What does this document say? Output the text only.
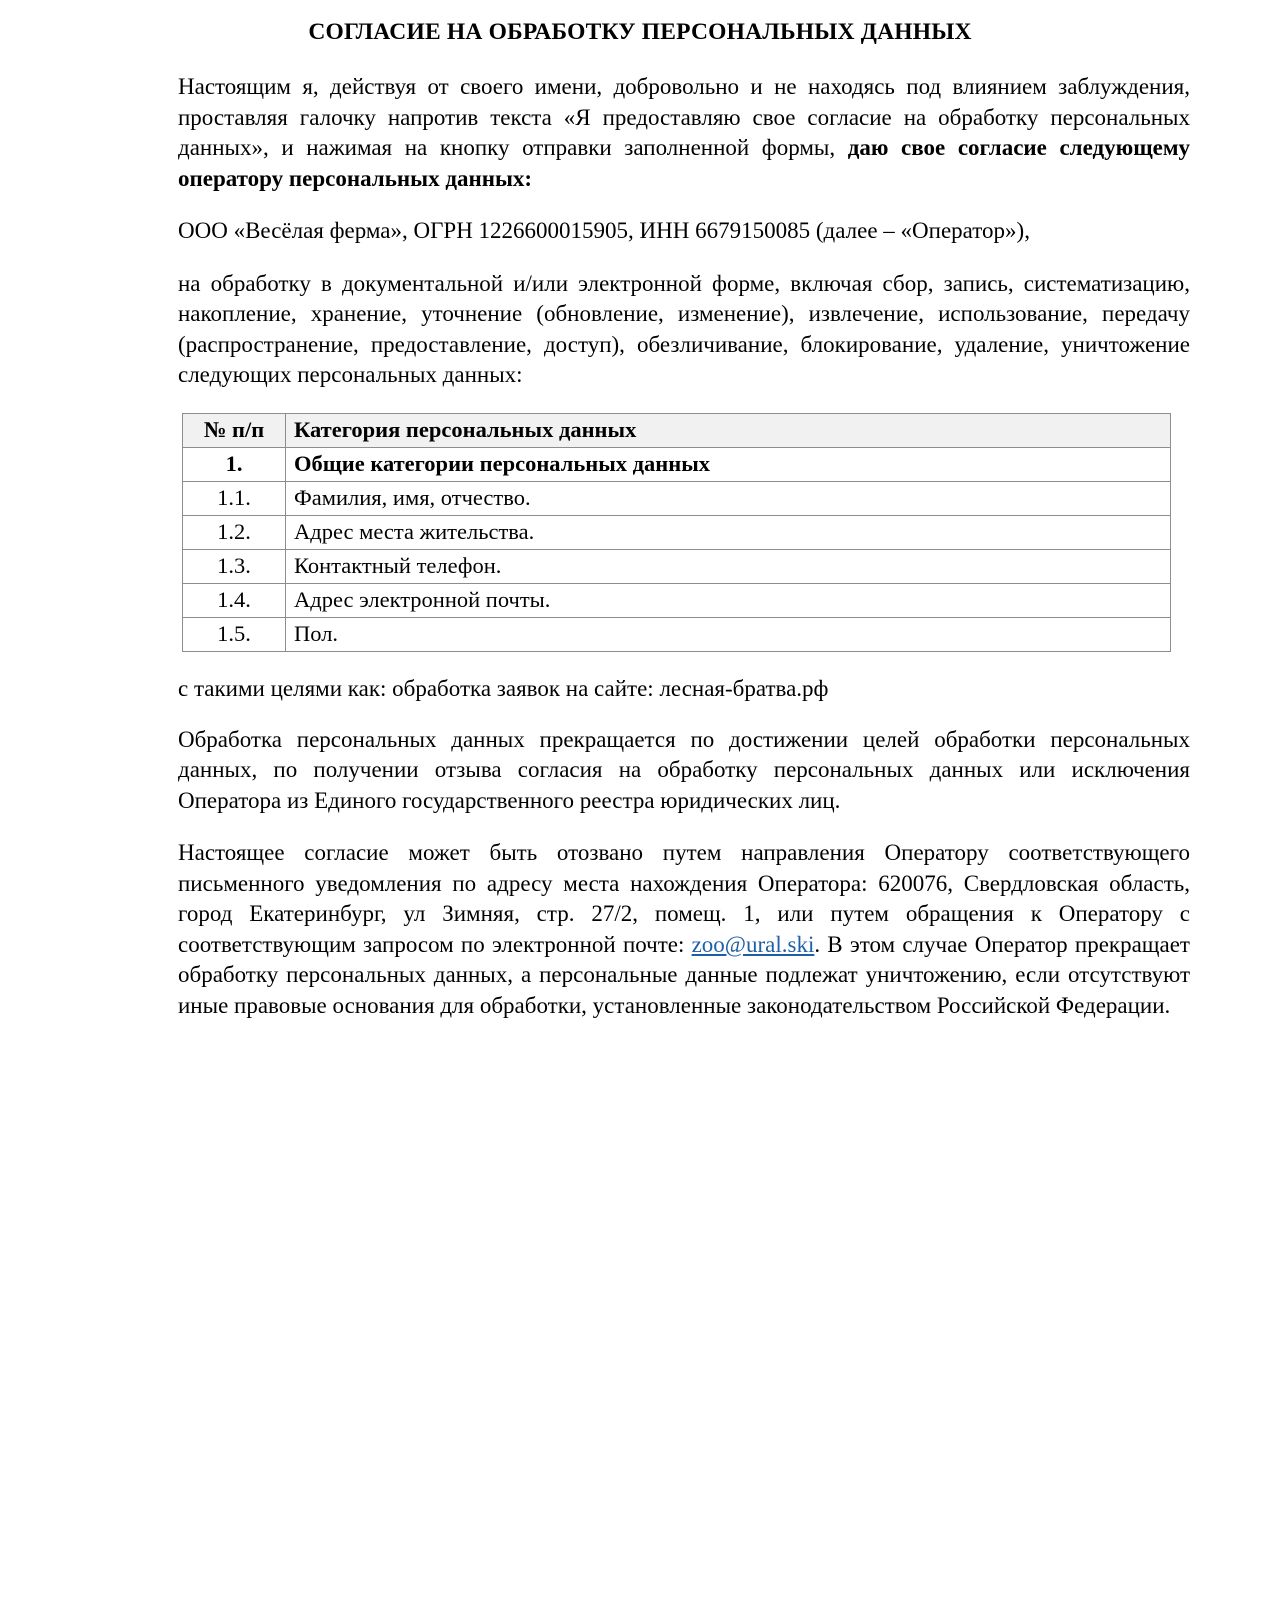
СОГЛАСИЕ НА ОБРАБОТКУ ПЕРСОНАЛЬНЫХ ДАННЫХ

Настоящим я, действуя от своего имени, добровольно и не находясь под влиянием заблуждения, проставляя галочку напротив текста «Я предоставляю свое согласие на обработку персональных данных», и нажимая на кнопку отправки заполненной формы, даю свое согласие следующему оператору персональных данных:

ООО «Весёлая ферма», ОГРН 1226600015905, ИНН 6679150085 (далее – «Оператор»),

на обработку в документальной и/или электронной форме, включая сбор, запись, систематизацию, накопление, хранение, уточнение (обновление, изменение), извлечение, использование, передачу (распространение, предоставление, доступ), обезличивание, блокирование, удаление, уничтожение следующих персональных данных:

№ п/п	Категория персональных данных
1.	Общие категории персональных данных
1.1.	Фамилия, имя, отчество.
1.2.	Адрес места жительства.
1.3.	Контактный телефон.
1.4.	Адрес электронной почты.
1.5.	Пол.

с такими целями как: обработка заявок на сайте: лесная-братва.рф

Обработка персональных данных прекращается по достижении целей обработки персональных данных, по получении отзыва согласия на обработку персональных данных или исключения Оператора из Единого государственного реестра юридических лиц.

Настоящее согласие может быть отозвано путем направления Оператору соответствующего письменного уведомления по адресу места нахождения Оператора: 620076, Свердловская область, город Екатеринбург, ул Зимняя, стр. 27/2, помещ. 1, или путем обращения к Оператору с соответствующим запросом по электронной почте: zoo@ural.ski. В этом случае Оператор прекращает обработку персональных данных, а персональные данные подлежат уничтожению, если отсутствуют иные правовые основания для обработки, установленные законодательством Российской Федерации.
